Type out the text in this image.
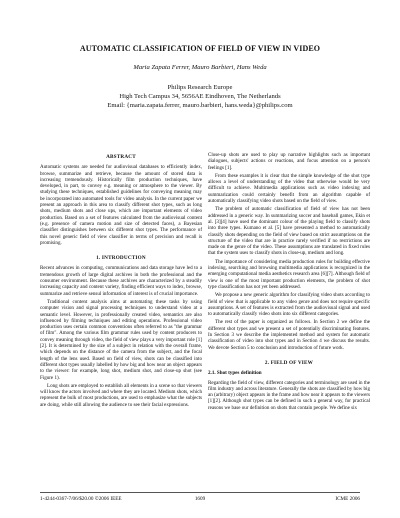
AUTOMATIC CLASSIFICATION OF FIELD OF VIEW IN VIDEO
Maria Zapata Ferrer, Mauro Barbieri, Hans Weda
Philips Research Europe
High Tech Campus 34, 5656AE Eindhoven, The Netherlands
Email: {maria.zapata.ferrer, mauro.barbieri, hans.weda}@philips.com
ABSTRACT

Automatic systems are needed for audiovisual databases to efficiently index, browse, summarize and retrieve, because the amount of stored data is increasing tremendously. Historically film production techniques, have developed, in part, to convey e.g. meaning or atmosphere to the viewer. By studying these techniques, established guidelines for conveying meaning may be incorporated into automated tools for video analysis. In the current paper we present an approach in this area to classify different shot types, such as long shots, medium shots and close ups, which are important elements of video production. Based on a set of features calculated from the audiovisual content (e.g. presence of camera motion and size of detected faces), a Bayesian classifier distinguishes between six different shot types. The performance of this novel generic field of view classifier in terms of precision and recall is promising.

1. INTRODUCTION

Recent advances in computing, communications and data storage have led to a tremendous growth of large digital archives in both the professional and the consumer environment. Because these archives are characterized by a steadily increasing capacity and content variety, finding efficient ways to index, browse, summarize and retrieve sensul information of interest is of crucial importance.

Traditional content analysis aims at automating these tasks by using computer vision and signal processing techniques to understand video at a semantic level. However, in professionally created video, semantics are also influenced by filming techniques and editing operations. Professional video production uses certain common conventions often referred to as "the grammar of film". Among the various film grammar rules used by content producers to convey meaning through video, the field of view plays a very important role [1][2]. It is determined by the size of a subject in relation with the overall frame, which depends on the distance of the camera from the subject, and the focal length of the lens used. Based on field of view, shots can be classified into different shot types usually labelled by how big and how near an object appears to the viewer: for example, long shot, medium shot, and close-up shot (see Figure 1).

Long shots are employed to establish all elements in a scene so that viewers will know the actors involved and where they are located. Medium shots, which represent the bulk of most productions, are used to emphasize what the subjects are doing, while still allowing the audience to see their facial expressions.

Close-up shots are used to play up narrative highlights such as important dialogues, subjects' actions or reactions, and focus attention on a person's feelings [1].

From these examples it is clear that the simple knowledge of the shot type allows a level of understanding of the video that otherwise would be very difficult to achieve. Multimedia applications such as video indexing and summarization could certainly benefit from an algorithm capable of automatically classifying video shots based on the field of view.

The problem of automatic classification of field of view has not been addressed in a generic way. In summarizing soccer and baseball games, Ekin et al. [3][4] have used the dominant colour of the playing field to classify shots into three types. Kumano et al. [5] have presented a method to automatically classify shots depending on the field of view based on strict assumptions on the structure of the video that are in practice rarely verified if no restrictions are made on the genre of the video. These assumptions are translated in fixed rules that the system uses to classify shots in close-up, medium and long.

The importance of considering media production rules for building effective indexing, searching and browsing multimedia applications is recognized in the emerging computational media aesthetics research area [6][7]. Although field of view is one of the most important production elements, the problem of shot type classification has not yet been addressed.

We propose a new generic algorithm for classifying video shots according to field of view that is applicable to any video genre and does not require specific assumptions. A set of features is extracted from the audiovisual signal and used to automatically classify video shots into six different categories.

The rest of the paper is organized as follows. In Section 2 we define the different shot types and we present a set of potentially discriminating features. In Section 3 we describe the implemented method and system for automatic classification of video into shot types and in Section 4 we discuss the results. We devote Section 5 to conclusion and introduction of future work.

2. FIELD OF VIEW
2.1. Shot types definition

Regarding the field of view, different categories and terminology are used in the film industry and across literature. Generally the shots are classified by how big an (arbitrary) object appears in the frame and how near it appears to the viewers [1][2]. Although shot types can be defined in such a general way, for practical reasons we base our definition on shots that contain people. We define six

1-4244-0367-7/06/$20.00 ©2006 IEEE	1609	ICME 2006
